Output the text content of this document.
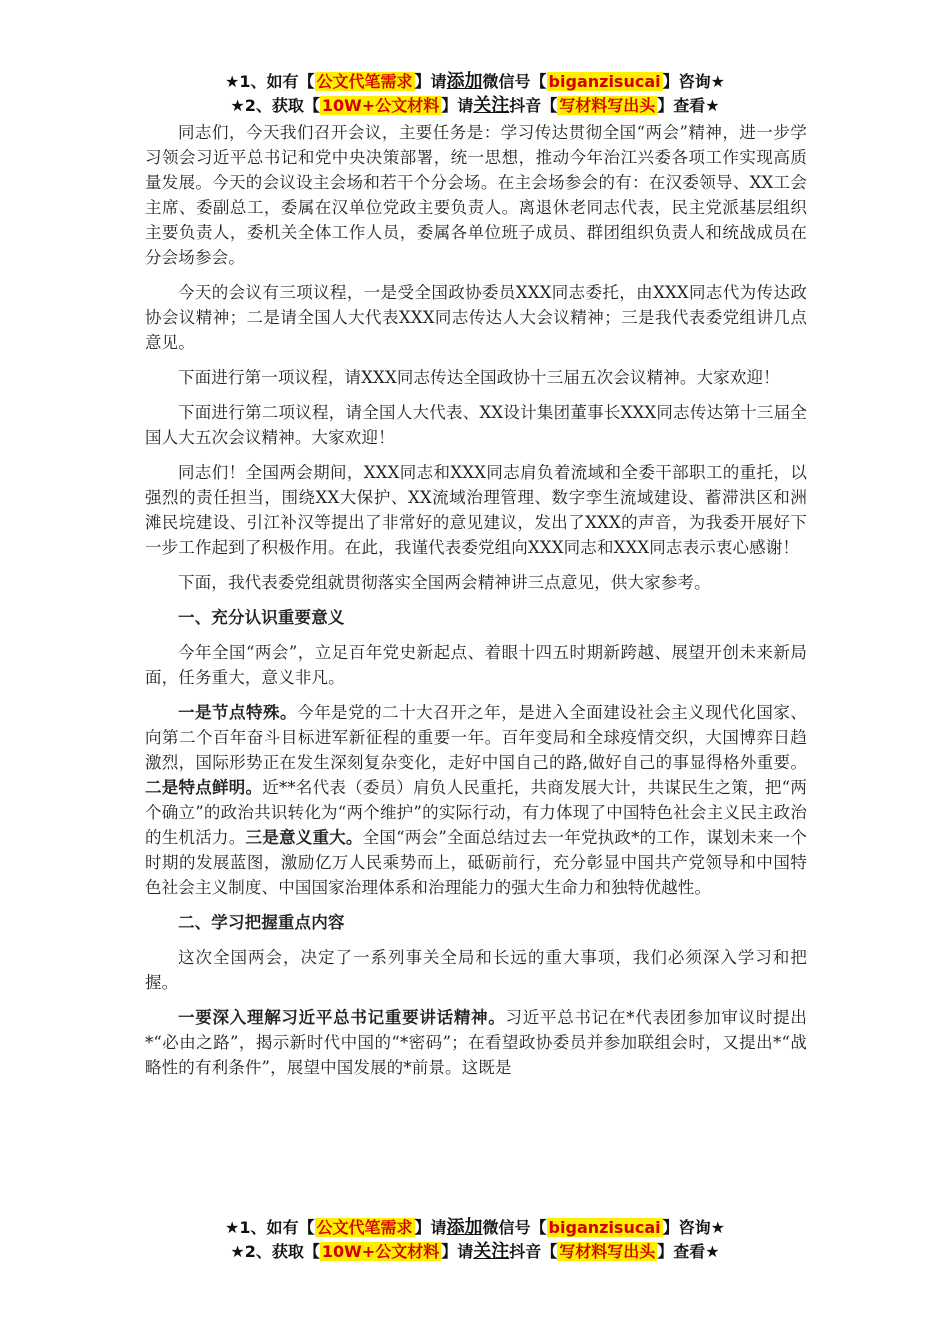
★1、如有【 公文代笔需求 】请添加微信号【 biganzisucai 】咨询★
★2、获取【 10W+公文材料 】请关注抖音【 写材料写出头 】查看★

同志们，今天我们召开会议，主要任务是：学习传达贯彻全国“两会”精神，进一步学习领会习近平总书记和党中央决策部署，统一思想，推动今年治江兴委各项工作实现高质量发展。今天的会议设主会场和若干个分会场。在主会场参会的有：在汉委领导、XX工会主席、委副总工，委属在汉单位党政主要负责人。离退休老同志代表，民主党派基层组织主要负责人，委机关全体工作人员，委属各单位班子成员、群团组织负责人和统战成员在分会场参会。

今天的会议有三项议程，一是受全国政协委员XXX同志委托，由XXX同志代为传达政协会议精神；二是请全国人大代表XXX同志传达人大会议精神；三是我代表委党组讲几点意见。

下面进行第一项议程，请XXX同志传达全国政协十三届五次会议精神。大家欢迎！

下面进行第二项议程，请全国人大代表、XX设计集团董事长XXX同志传达第十三届全国人大五次会议精神。大家欢迎！

同志们！全国两会期间，XXX同志和XXX同志肩负着流域和全委干部职工的重托，以强烈的责任担当，围绕XX大保护、XX流域治理管理、数字孪生流域建设、蓄滞洪区和洲滩民垸建设、引江补汉等提出了非常好的意见建议，发出了XXX的声音，为我委开展好下一步工作起到了积极作用。在此，我谨代表委党组向XXX同志和XXX同志表示衷心感谢！

下面，我代表委党组就贯彻落实全国两会精神讲三点意见，供大家参考。

一、充分认识重要意义

今年全国“两会”，立足百年党史新起点、着眼十四五时期新跨越、展望开创未来新局面，任务重大，意义非凡。

一是节点特殊。今年是党的二十大召开之年，是进入全面建设社会主义现代化国家、向第二个百年奋斗目标进军新征程的重要一年。百年变局和全球疫情交织，大国博弈日趋激烈，国际形势正在发生深刻复杂变化，走好中国自己的路,做好自己的事显得格外重要。二是特点鲜明。近**名代表（委员）肩负人民重托，共商发展大计，共谋民生之策，把“两个确立”的政治共识转化为“两个维护”的实际行动，有力体现了中国特色社会主义民主政治的生机活力。三是意义重大。全国“两会”全面总结过去一年党执政*的工作，谋划未来一个时期的发展蓝图，激励亿万人民乘势而上，砥砺前行，充分彰显中国共产党领导和中国特色社会主义制度、中国国家治理体系和治理能力的强大生命力和独特优越性。

二、学习把握重点内容

这次全国两会，决定了一系列事关全局和长远的重大事项，我们必须深入学习和把握。

一要深入理解习近平总书记重要讲话精神。习近平总书记在*代表团参加审议时提出*“必由之路”，揭示新时代中国的“*密码”；在看望政协委员并参加联组会时，又提出*“战略性的有利条件”，展望中国发展的*前景。这既是

★1、如有【 公文代笔需求 】请添加微信号【 biganzisucai 】咨询★
★2、获取【 10W+公文材料 】请关注抖音【 写材料写出头 】查看★
